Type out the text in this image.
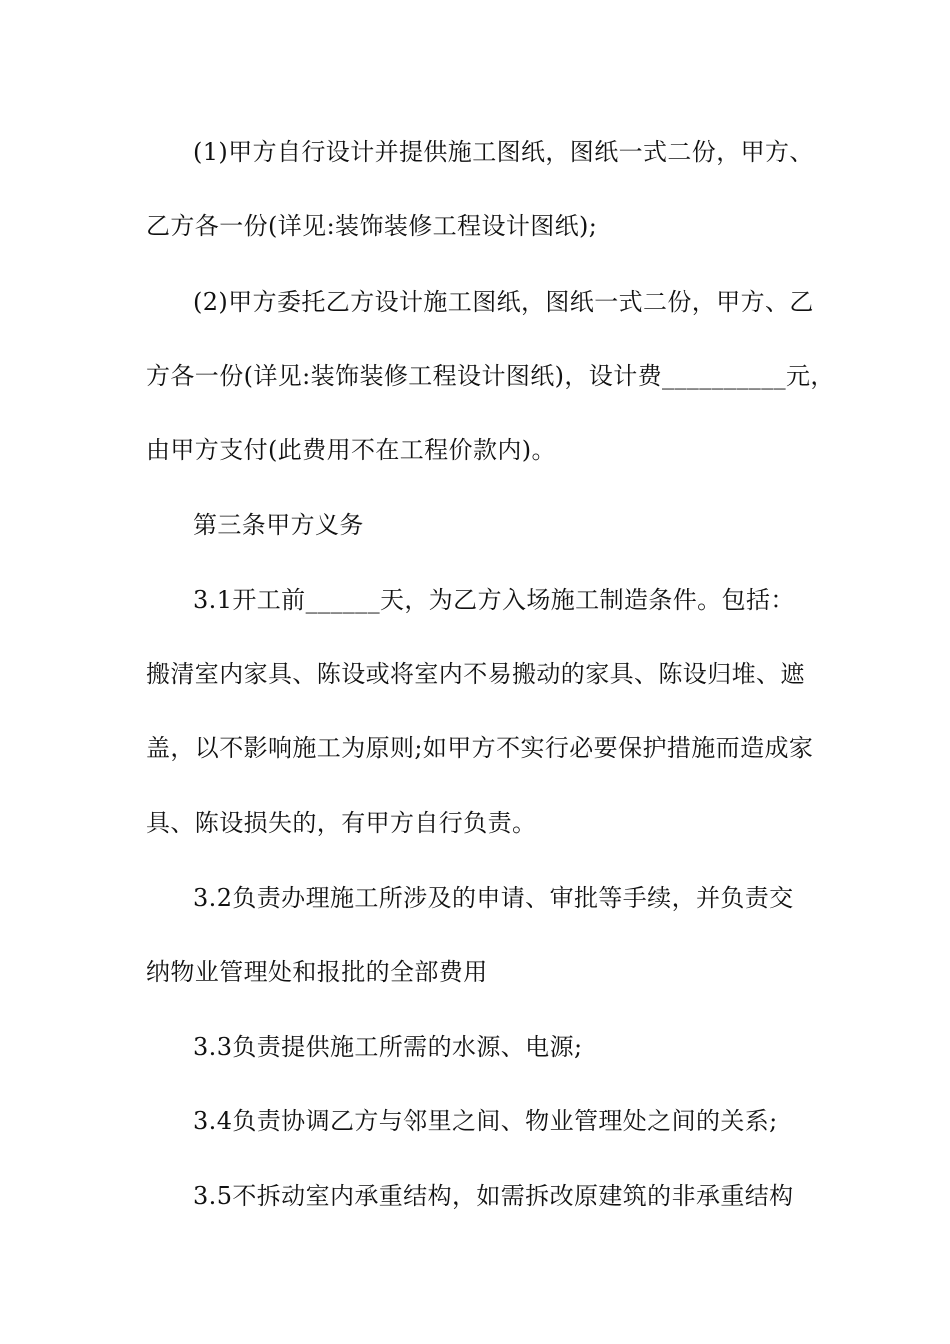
(1)甲方自行设计并提供施工图纸，图纸一式二份，甲方、
乙方各一份(详见:装饰装修工程设计图纸);
(2)甲方委托乙方设计施工图纸，图纸一式二份，甲方、乙
方各一份(详见:装饰装修工程设计图纸)，设计费__________元，
由甲方支付(此费用不在工程价款内)。
第三条甲方义务
3.1开工前______天，为乙方入场施工制造条件。包括：
搬清室内家具、陈设或将室内不易搬动的家具、陈设归堆、遮
盖，以不影响施工为原则;如甲方不实行必要保护措施而造成家
具、陈设损失的，有甲方自行负责。
3.2负责办理施工所涉及的申请、审批等手续，并负责交
纳物业管理处和报批的全部费用
3.3负责提供施工所需的水源、电源;
3.4负责协调乙方与邻里之间、物业管理处之间的关系;
3.5不拆动室内承重结构，如需拆改原建筑的非承重结构
